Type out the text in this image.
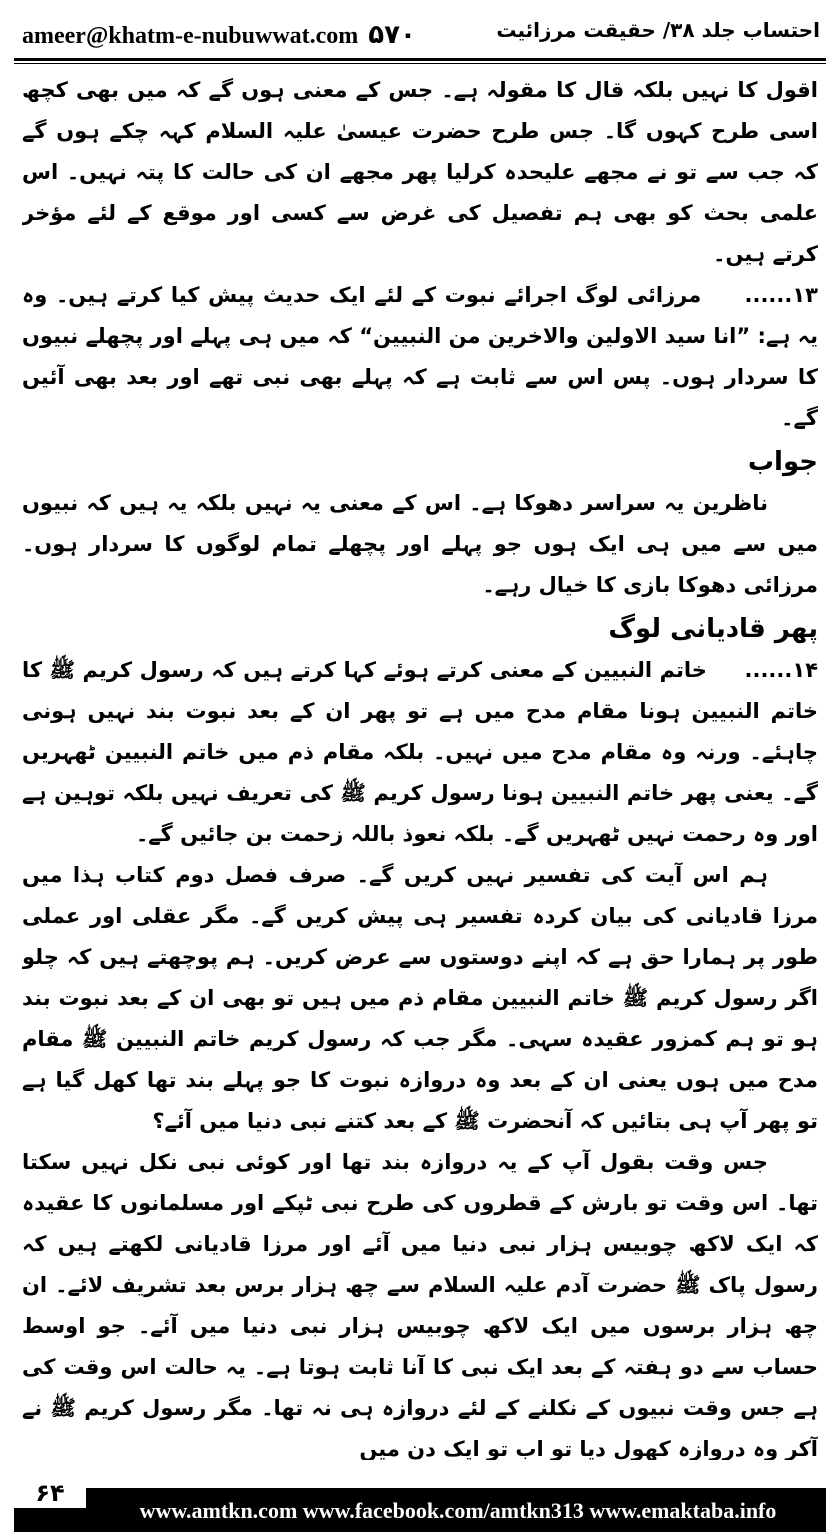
ameer@khatm-e-nubuwwat.com ۵۷۰	احتساب جلد ۳۸/ حقیقت مرزائیت

اقول کا نہیں بلکہ قال کا مقولہ ہے۔ جس کے معنی ہوں گے کہ میں بھی کچھ اسی طرح کہوں گا۔ جس طرح حضرت عیسیٰ علیہ السلام کہہ چکے ہوں گے کہ جب سے تو نے مجھے علیحدہ کرلیا پھر مجھے ان کی حالت کا پتہ نہیں۔ اس علمی بحث کو بھی ہم تفصیل کی غرض سے کسی اور موقع کے لئے مؤخر کرتے ہیں۔

۱۳......     مرزائی لوگ اجرائے نبوت کے لئے ایک حدیث پیش کیا کرتے ہیں۔ وہ یہ ہے: ”انا سید الاولین والاخرین من النبیین“ کہ میں ہی پہلے اور پچھلے نبیوں کا سردار ہوں۔ پس اس سے ثابت ہے کہ پہلے بھی نبی تھے اور بعد بھی آئیں گے۔

جواب

ناظرین یہ سراسر دھوکا ہے۔ اس کے معنی یہ نہیں بلکہ یہ ہیں کہ نبیوں میں سے میں ہی ایک ہوں جو پہلے اور پچھلے تمام لوگوں کا سردار ہوں۔ مرزائی دھوکا بازی کا خیال رہے۔

پھر قادیانی لوگ

۱۴......     خاتم النبیین کے معنی کرتے ہوئے کہا کرتے ہیں کہ رسول کریم ﷺ کا خاتم النبیین ہونا مقام مدح میں ہے تو پھر ان کے بعد نبوت بند نہیں ہونی چاہئے۔ ورنہ وہ مقام مدح میں نہیں۔ بلکہ مقام ذم میں خاتم النبیین ٹھہریں گے۔ یعنی پھر خاتم النبیین ہونا رسول کریم ﷺ کی تعریف نہیں بلکہ توہین ہے اور وہ رحمت نہیں ٹھہریں گے۔ بلکہ نعوذ باللہ زحمت بن جائیں گے۔

ہم اس آیت کی تفسیر نہیں کریں گے۔ صرف فصل دوم کتاب ہذا میں مرزا قادیانی کی بیان کردہ تفسیر ہی پیش کریں گے۔ مگر عقلی اور عملی طور پر ہمارا حق ہے کہ اپنے دوستوں سے عرض کریں۔ ہم پوچھتے ہیں کہ چلو اگر رسول کریم ﷺ خاتم النبیین مقام ذم میں ہیں تو بھی ان کے بعد نبوت بند ہو تو ہم کمزور عقیدہ سہی۔ مگر جب کہ رسول کریم خاتم النبیین ﷺ مقام مدح میں ہوں یعنی ان کے بعد وہ دروازہ نبوت کا جو پہلے بند تھا کھل گیا ہے تو پھر آپ ہی بتائیں کہ آنحضرت ﷺ کے بعد کتنے نبی دنیا میں آئے؟

جس وقت بقول آپ کے یہ دروازہ بند تھا اور کوئی نبی نکل نہیں سکتا تھا۔ اس وقت تو بارش کے قطروں کی طرح نبی ٹپکے اور مسلمانوں کا عقیدہ کہ ایک لاکھ چوبیس ہزار نبی دنیا میں آئے اور مرزا قادیانی لکھتے ہیں کہ رسول پاک ﷺ حضرت آدم علیہ السلام سے چھ ہزار برس بعد تشریف لائے۔ ان چھ ہزار برسوں میں ایک لاکھ چوبیس ہزار نبی دنیا میں آئے۔ جو اوسط حساب سے دو ہفتہ کے بعد ایک نبی کا آنا ثابت ہوتا ہے۔ یہ حالت اس وقت کی ہے جس وقت نبیوں کے نکلنے کے لئے دروازہ ہی نہ تھا۔ مگر رسول کریم ﷺ نے آکر وہ دروازہ کھول دیا تو اب تو ایک دن میں

۶۴
www.amtkn.com www.facebook.com/amtkn313 www.emaktaba.info
